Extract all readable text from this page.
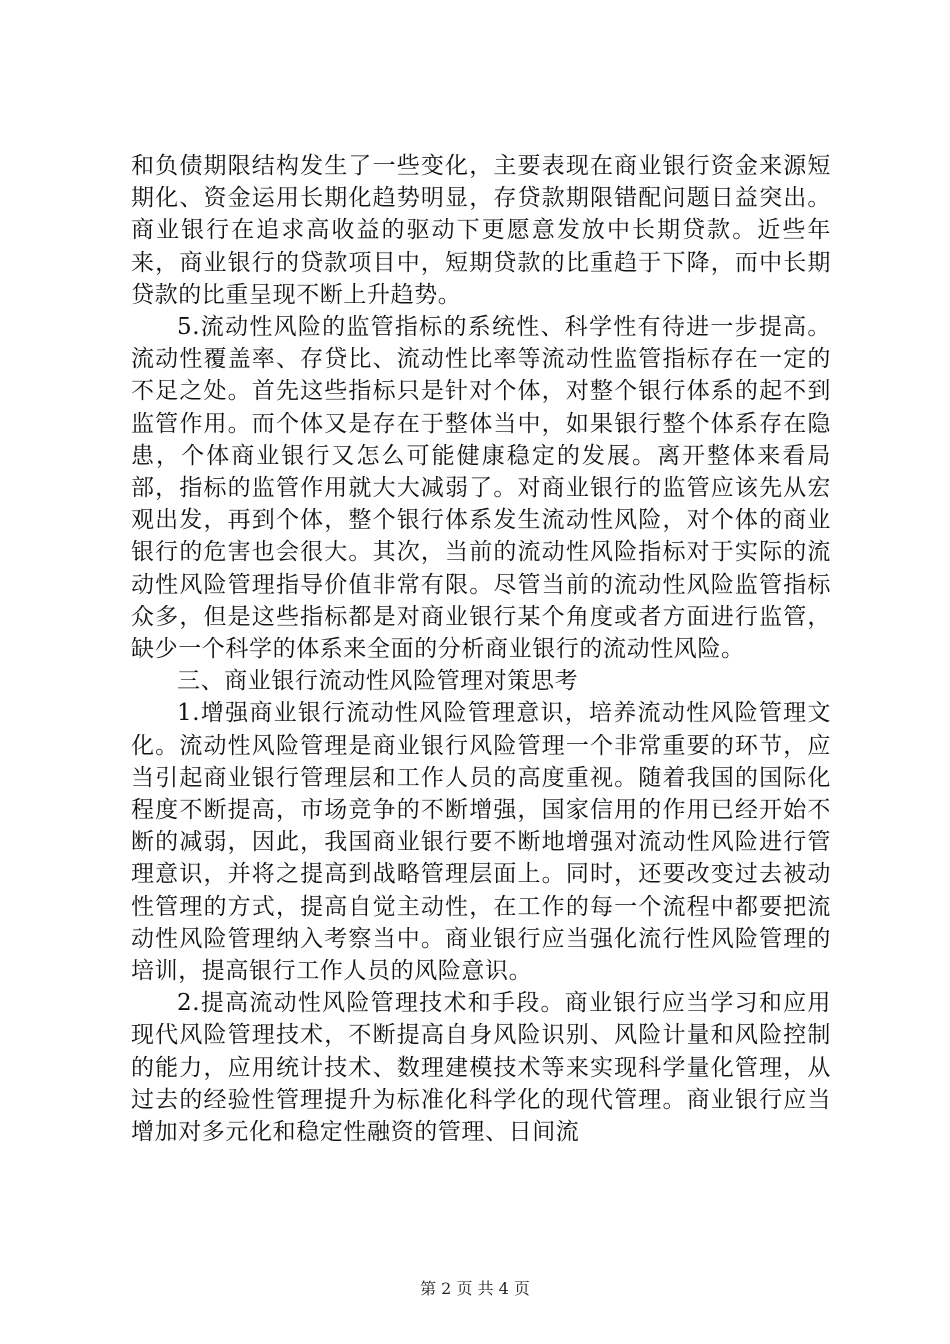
和负债期限结构发生了一些变化，主要表现在商业银行资金来源短期化、资金运用长期化趋势明显，存贷款期限错配问题日益突出。商业银行在追求高收益的驱动下更愿意发放中长期贷款。近些年来，商业银行的贷款项目中，短期贷款的比重趋于下降，而中长期贷款的比重呈现不断上升趋势。

5.流动性风险的监管指标的系统性、科学性有待进一步提高。流动性覆盖率、存贷比、流动性比率等流动性监管指标存在一定的不足之处。首先这些指标只是针对个体，对整个银行体系的起不到监管作用。而个体又是存在于整体当中，如果银行整个体系存在隐患，个体商业银行又怎么可能健康稳定的发展。离开整体来看局部，指标的监管作用就大大减弱了。对商业银行的监管应该先从宏观出发，再到个体，整个银行体系发生流动性风险，对个体的商业银行的危害也会很大。其次，当前的流动性风险指标对于实际的流动性风险管理指导价值非常有限。尽管当前的流动性风险监管指标众多，但是这些指标都是对商业银行某个角度或者方面进行监管，缺少一个科学的体系来全面的分析商业银行的流动性风险。

三、商业银行流动性风险管理对策思考

1.增强商业银行流动性风险管理意识，培养流动性风险管理文化。流动性风险管理是商业银行风险管理一个非常重要的环节，应当引起商业银行管理层和工作人员的高度重视。随着我国的国际化程度不断提高，市场竞争的不断增强，国家信用的作用已经开始不断的减弱，因此，我国商业银行要不断地增强对流动性风险进行管理意识，并将之提高到战略管理层面上。同时，还要改变过去被动性管理的方式，提高自觉主动性，在工作的每一个流程中都要把流动性风险管理纳入考察当中。商业银行应当强化流行性风险管理的培训，提高银行工作人员的风险意识。

2.提高流动性风险管理技术和手段。商业银行应当学习和应用现代风险管理技术，不断提高自身风险识别、风险计量和风险控制的能力，应用统计技术、数理建模技术等来实现科学量化管理，从过去的经验性管理提升为标准化科学化的现代管理。商业银行应当增加对多元化和稳定性融资的管理、日间流

第 2 页 共 4 页
